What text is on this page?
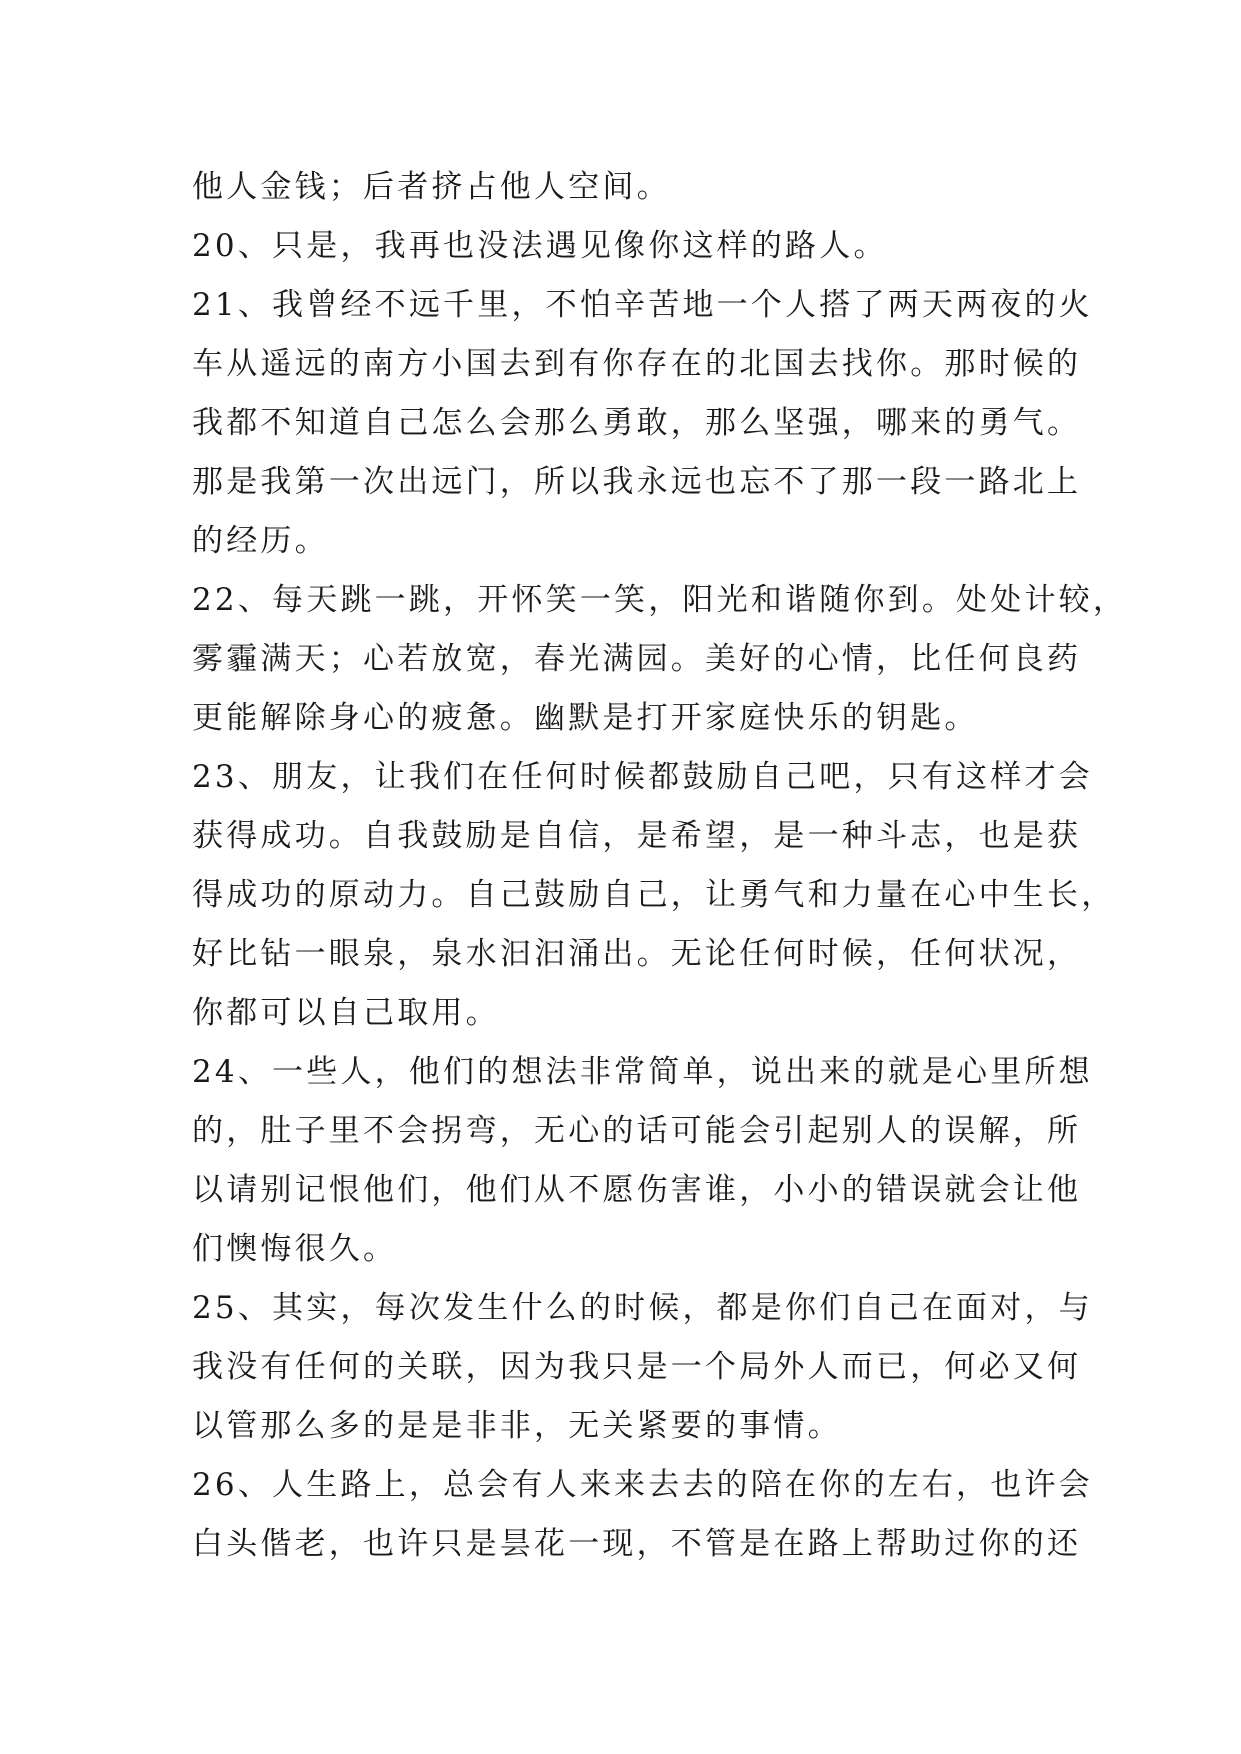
他人金钱；后者挤占他人空间。
20、只是，我再也没法遇见像你这样的路人。
21、我曾经不远千里，不怕辛苦地一个人搭了两天两夜的火
车从遥远的南方小国去到有你存在的北国去找你。那时候的
我都不知道自己怎么会那么勇敢，那么坚强，哪来的勇气。
那是我第一次出远门，所以我永远也忘不了那一段一路北上
的经历。
22、每天跳一跳，开怀笑一笑，阳光和谐随你到。处处计较，
雾霾满天；心若放宽，春光满园。美好的心情，比任何良药
更能解除身心的疲惫。幽默是打开家庭快乐的钥匙。
23、朋友，让我们在任何时候都鼓励自己吧，只有这样才会
获得成功。自我鼓励是自信，是希望，是一种斗志，也是获
得成功的原动力。自己鼓励自己，让勇气和力量在心中生长，
好比钻一眼泉，泉水汩汩涌出。无论任何时候，任何状况，
你都可以自己取用。
24、一些人，他们的想法非常简单，说出来的就是心里所想
的，肚子里不会拐弯，无心的话可能会引起别人的误解，所
以请别记恨他们，他们从不愿伤害谁，小小的错误就会让他
们懊悔很久。
25、其实，每次发生什么的时候，都是你们自己在面对，与
我没有任何的关联，因为我只是一个局外人而已，何必又何
以管那么多的是是非非，无关紧要的事情。
26、人生路上，总会有人来来去去的陪在你的左右，也许会
白头偕老，也许只是昙花一现，不管是在路上帮助过你的还
